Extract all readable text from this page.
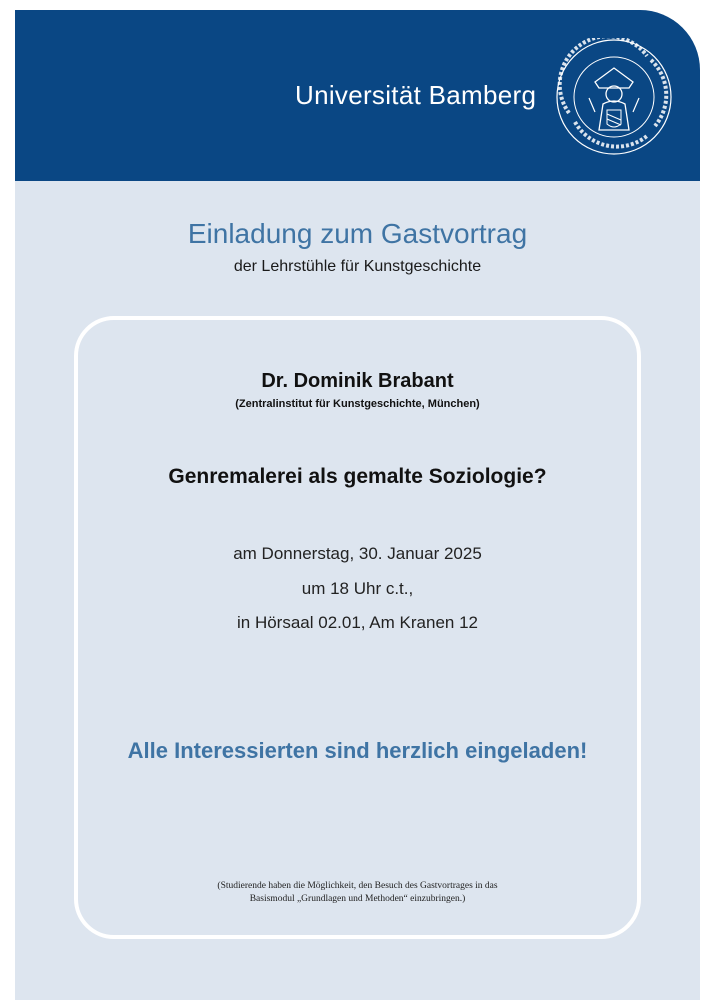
Universität Bamberg
Einladung zum Gastvortrag
der Lehrstühle für Kunstgeschichte
Dr. Dominik Brabant
(Zentralinstitut für Kunstgeschichte, München)
Genremalerei als gemalte Soziologie?
am Donnerstag, 30. Januar 2025
um 18 Uhr c.t.,
in Hörsaal 02.01, Am Kranen 12
Alle Interessierten sind herzlich eingeladen!
(Studierende haben die Möglichkeit, den Besuch des Gastvortrages in das
Basismodul „Grundlagen und Methoden“ einzubringen.)
